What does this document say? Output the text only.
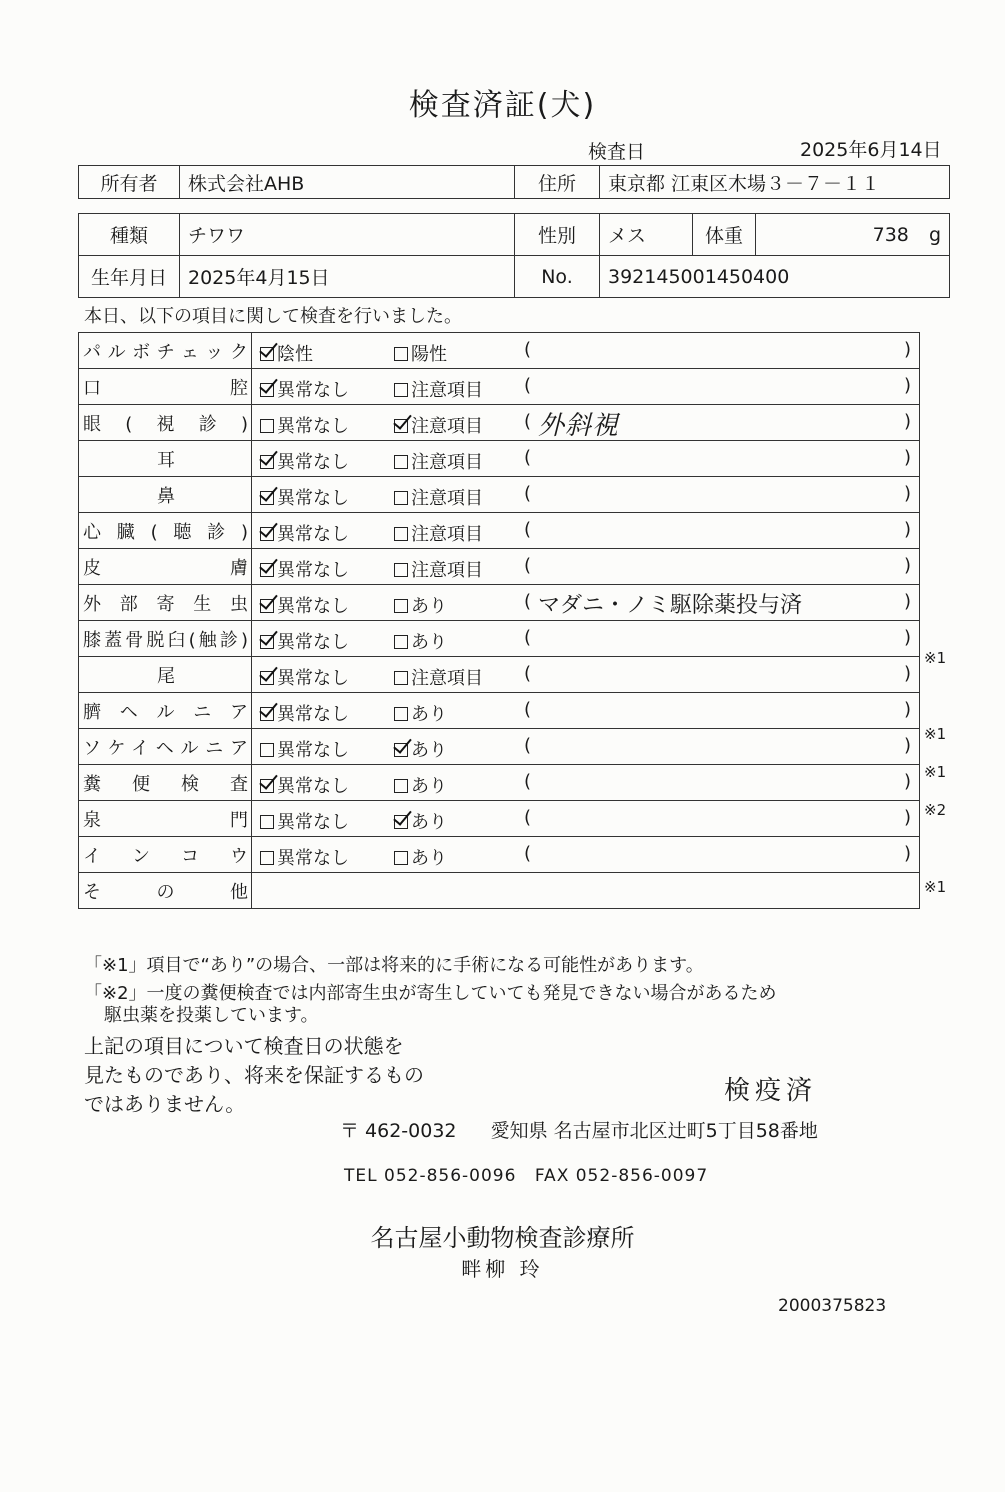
検査済証(犬)
検査日	2025年6月14日
所有者	株式会社AHB	住所	東京都 江東区木場３－７－１１
種類	チワワ	性別	メス	体重	738 g
生年月日	2025年4月15日	No.	392145001450400		
本日、以下の項目に関して検査を行いました。
パルボチェック	陰性 陽性 ( )

口腔	異常なし 注意項目 ( )

眼(視診)	異常なし 注意項目 ( 外斜視 )

耳	異常なし 注意項目 ( )

鼻	異常なし 注意項目 ( )

心臓(聴診)	異常なし 注意項目 ( )

皮膚	異常なし 注意項目 ( )

外部寄生虫	異常なし あり ( マダニ・ノミ駆除薬投与済 )

膝蓋骨脱臼(触診)	異常なし あり ( )

尾	異常なし 注意項目 ( )

臍ヘルニア	異常なし あり ( )

ソケイヘルニア	異常なし あり ( )

糞便検査	異常なし あり ( )

泉門	異常なし あり ( )

インコウ	異常なし あり ( )

その他	

「※1」項目で“あり”の場合、一部は将来的に手術になる可能性があります。
「※2」一度の糞便検査では内部寄生虫が寄生していても発見できない場合があるため
駆虫薬を投薬しています。
上記の項目について検査日の状態を
見たものであり、将来を保証するもの
ではありません。	検疫済
〒 462-0032 愛知県 名古屋市北区辻町5丁目58番地
TEL 052-856-0096 FAX 052-856-0097
名古屋小動物検査診療所
畔柳 玲
2000375823
※1
※1
※1
※2
※1
